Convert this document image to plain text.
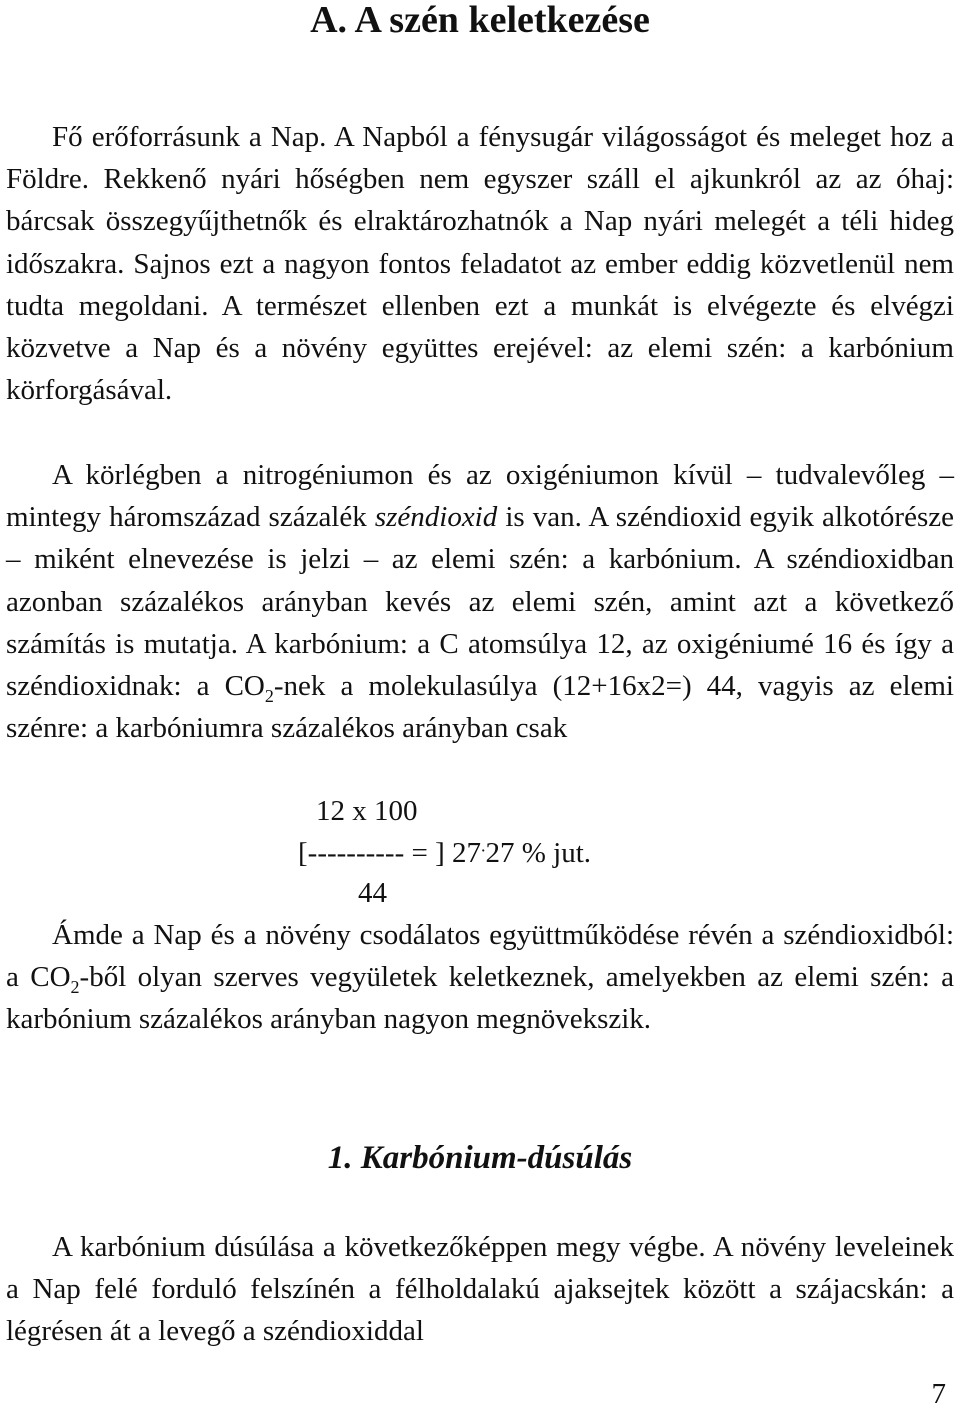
A. A szén keletkezése

Fő erőforrásunk a Nap. A Napból a fénysugár világosságot és meleget hoz a Földre. Rekkenő nyári hőségben nem egyszer száll el ajkunkról az az óhaj: bárcsak összegyűjthetnők és elraktározhatnók a Nap nyári melegét a téli hideg időszakra. Sajnos ezt a nagyon fontos feladatot az ember eddig közvetlenül nem tudta megoldani. A természet ellenben ezt a munkát is elvégezte és elvégzi közvetve a Nap és a növény együttes erejével: az elemi szén: a karbónium körforgásával.

A körlégben a nitrogéniumon és az oxigéniumon kívül – tudvalevőleg – mintegy háromszázad százalék széndioxid is van. A széndioxid egyik alkotórésze – miként elnevezése is jelzi – az elemi szén: a karbónium. A széndioxidban azonban százalékos arányban kevés az elemi szén, amint azt a következő számítás is mutatja. A karbónium: a C atomsúlya 12, az oxigéniumé 16 és így a széndioxidnak: a $CO_2$-nek a molekulasúlya (12+16x2=) 44, vagyis az elemi szénre: a karbóniumra százalékos arányban csak

12 x 100
[---------- = ] 27.27 % jut.
44

Ámde a Nap és a növény csodálatos együttműködése révén a széndioxidból: a $CO_2$-ből olyan szerves vegyületek keletkeznek, amelyekben az elemi szén: a karbónium százalékos arányban nagyon megnövekszik.

1. Karbónium-dúsúlás

A karbónium dúsúlása a következőképpen megy végbe. A növény leveleinek a Nap felé forduló felszínén a félholdalakú ajaksejtek között a szájacskán: a légrésen át a levegő a széndioxiddal

7
